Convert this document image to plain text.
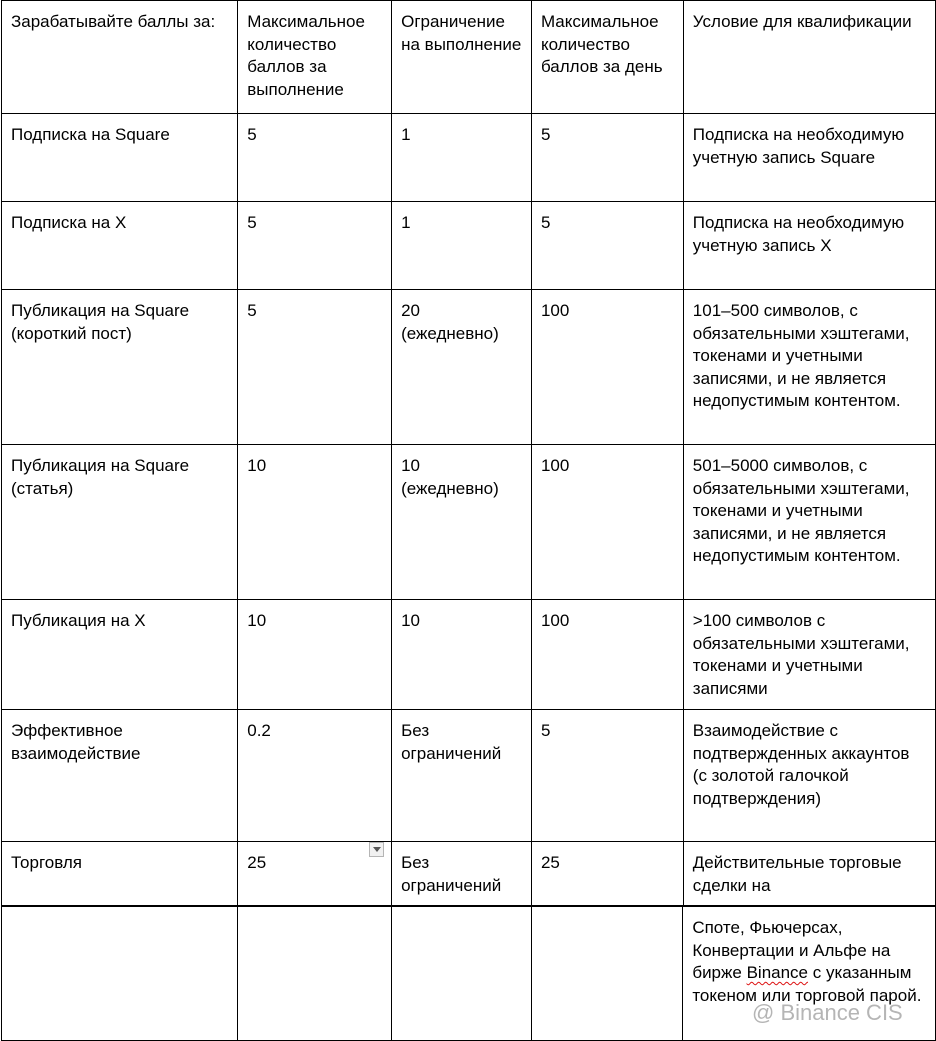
Зарабатывайте баллы за:	Максимальное количество баллов за выполнение	Ограничение на выполнение	Максимальное количество баллов за день	Условие для квалификации
Подписка на Square	5	1	5	Подписка на необходимую учетную запись Square
Подписка на X	5	1	5	Подписка на необходимую учетную запись X
Публикация на Square (короткий пост)	5	20 (ежедневно)	100	101–500 символов, с обязательными хэштегами, токенами и учетными записями, и не является недопустимым контентом.
Публикация на Square (статья)	10	10 (ежедневно)	100	501–5000 символов, с обязательными хэштегами, токенами и учетными записями, и не является недопустимым контентом.
Публикация на X	10	10	100	>100 символов с обязательными хэштегами, токенами и учетными записями
Эффективное взаимодействие	0.2	Без ограничений	5	Взаимодействие с подтвержденных аккаунтов (с золотой галочкой подтверждения)
Торговля	25	Без ограничений	25	Действительные торговые сделки на
				Споте, Фьючерсах, Конвертации и Альфе на бирже Binance с указанным токеном или торговой парой.
@ Binance CIS
